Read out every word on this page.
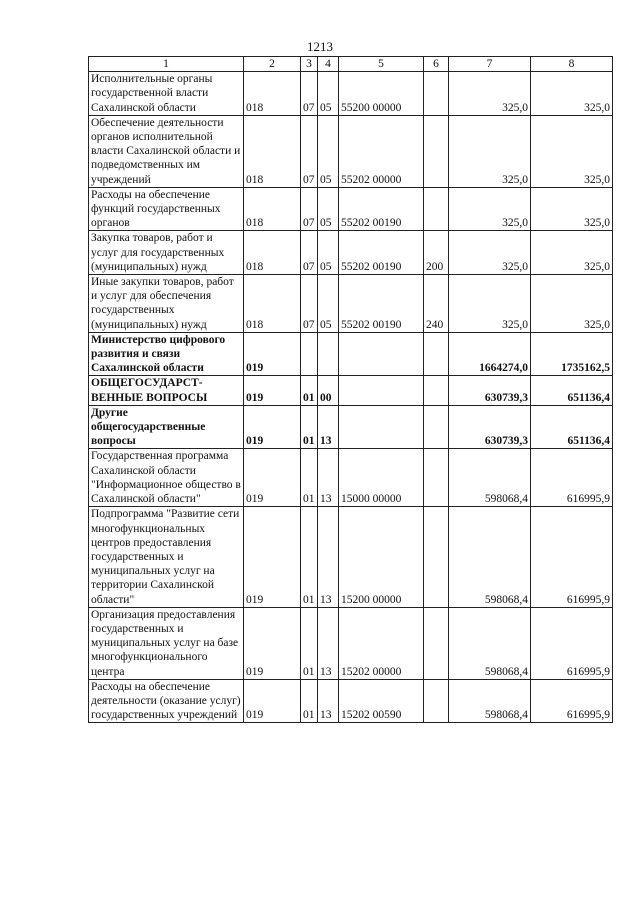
1213
1	2	3	4	5	6	7	8
Исполнительные органы государственной власти Сахалинской области	018	07	05	55200 00000		325,0	325,0
Обеспечение деятельности органов исполнительной власти Сахалинской области и подведомственных им учреждений	018	07	05	55202 00000		325,0	325,0
Расходы на обеспечение функций государственных органов	018	07	05	55202 00190		325,0	325,0
Закупка товаров, работ и услуг для государственных (муниципальных) нужд	018	07	05	55202 00190	200	325,0	325,0
Иные закупки товаров, работ и услуг для обеспечения государственных (муниципальных) нужд	018	07	05	55202 00190	240	325,0	325,0
Министерство цифрового развития и связи Сахалинской области	019					1664274,0	1735162,5
ОБЩЕГОСУДАРСТ-ВЕННЫЕ ВОПРОСЫ	019	01	00			630739,3	651136,4
Другие общегосударственные вопросы	019	01	13			630739,3	651136,4
Государственная программа Сахалинской области "Информационное общество в Сахалинской области"	019	01	13	15000 00000		598068,4	616995,9
Подпрограмма "Развитие сети многофункциональных центров предоставления государственных и муниципальных услуг на территории Сахалинской области"	019	01	13	15200 00000		598068,4	616995,9
Организация предоставления государственных и муниципальных услуг на базе многофункционального центра	019	01	13	15202 00000		598068,4	616995,9
Расходы на обеспечение деятельности (оказание услуг) государственных учреждений	019	01	13	15202 00590		598068,4	616995,9
